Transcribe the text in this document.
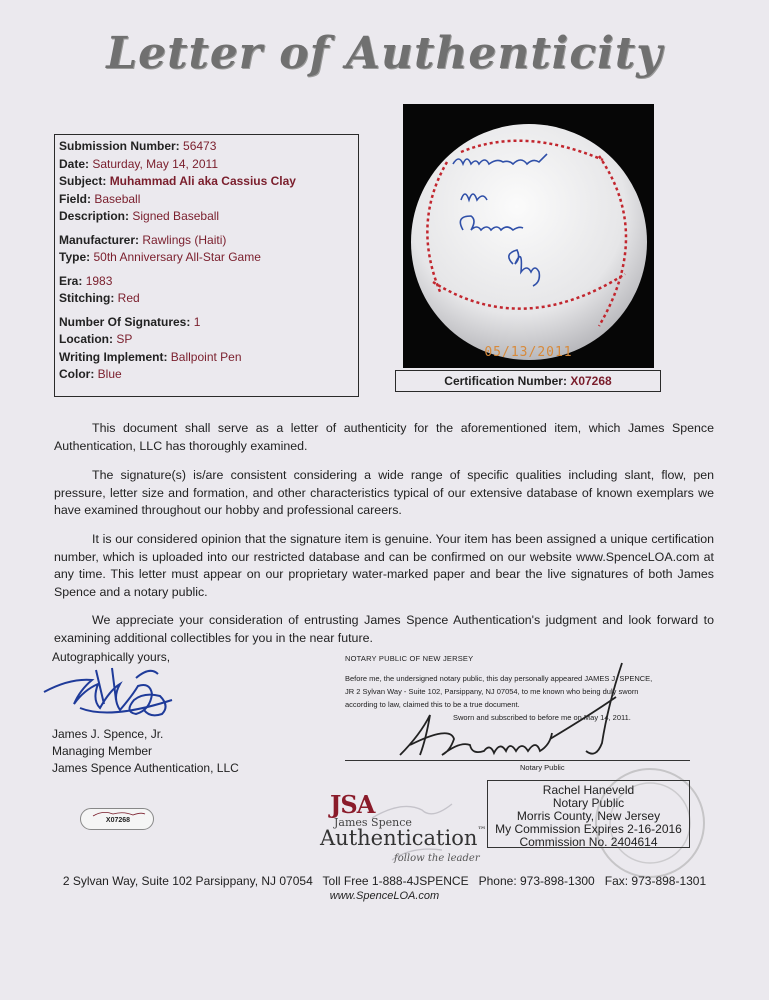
Letter of Authenticity
Submission Number: 56473
Date: Saturday, May 14, 2011
Subject: Muhammad Ali aka Cassius Clay
Field: Baseball
Description: Signed Baseball
Manufacturer: Rawlings (Haiti)
Type: 50th Anniversary All-Star Game
Era: 1983
Stitching: Red
Number Of Signatures: 1
Location: SP
Writing Implement: Ballpoint Pen
Color: Blue
05/13/2011
Certification Number: X07268

This document shall serve as a letter of authenticity for the aforementioned item, which James Spence Authentication, LLC has thoroughly examined.

The signature(s) is/are consistent considering a wide range of specific qualities including slant, flow, pen pressure, letter size and formation, and other characteristics typical of our extensive database of known exemplars we have examined throughout our hobby and professional careers.

It is our considered opinion that the signature item is genuine. Your item has been assigned a unique certification number, which is uploaded into our restricted database and can be confirmed on our website www.SpenceLOA.com at any time. This letter must appear on our proprietary water-marked paper and bear the live signatures of both James Spence and a notary public.

We appreciate your consideration of entrusting James Spence Authentication's judgment and look forward to examining additional collectibles for you in the near future.

Autographically yours,
James J. Spence, Jr.
Managing Member
James Spence Authentication, LLC
NOTARY PUBLIC OF NEW JERSEY
Before me, the undersigned notary public, this day personally appeared JAMES J. SPENCE, JR 2 Sylvan Way - Suite 102, Parsippany, NJ 07054, to me known who being duly sworn according to law, claimed this to be a true document.
Sworn and subscribed to before me on May 14, 2011.
Notary Public
Rachel Haneveld
Notary Public
Morris County, New Jersey
My Commission Expires 2-16-2016
Commission No. 2404614
JSA
James Spence
Authentication™
follow the leader
X07268
2 Sylvan Way, Suite 102 Parsippany, NJ 07054 Toll Free 1-888-4JSPENCE Phone: 973-898-1300 Fax: 973-898-1301
www.SpenceLOA.com
